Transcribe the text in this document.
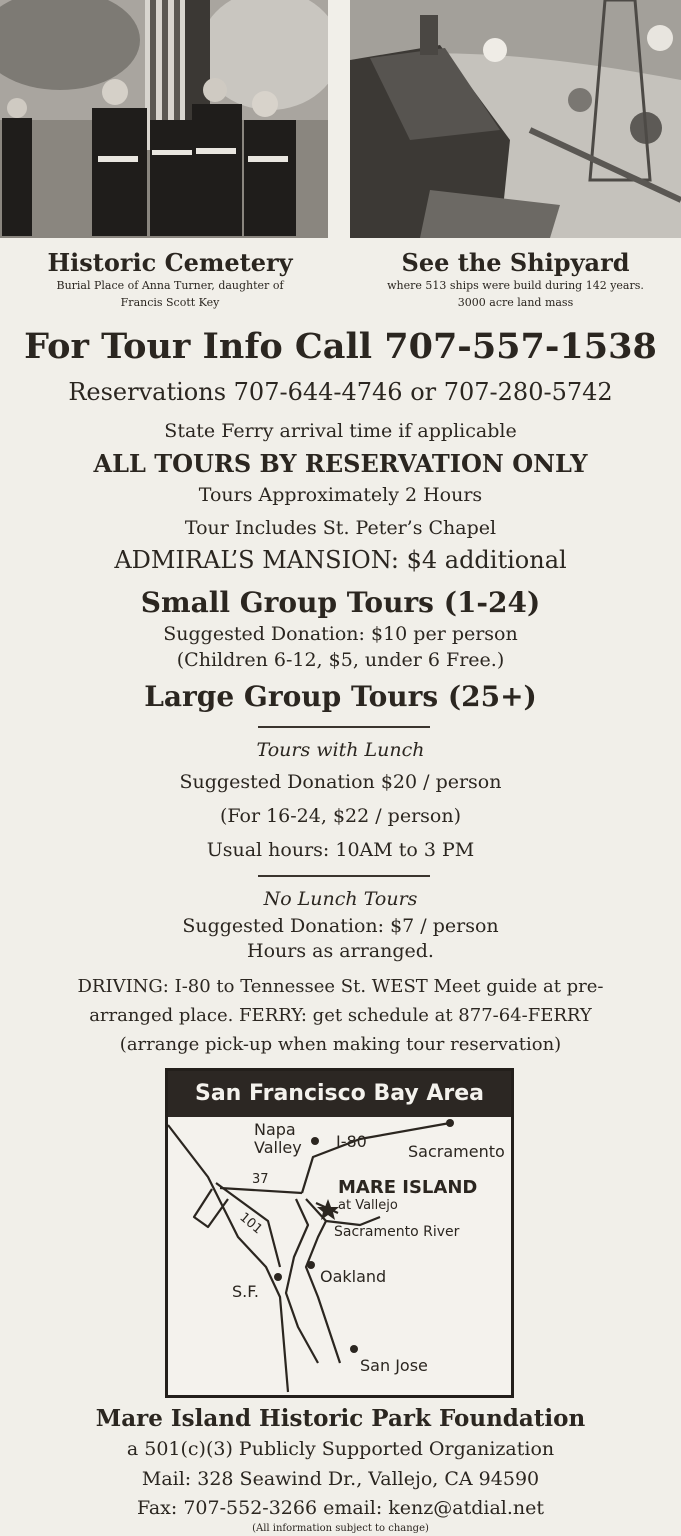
Historic Cemetery
Burial Place of Anna Turner, daughter of
Francis Scott Key
See the Shipyard
where 513 ships were build during 142 years.
3000 acre land mass
For Tour Info Call 707-557-1538
Reservations 707-644-4746 or 707-280-5742
State Ferry arrival time if applicable
ALL TOURS BY RESERVATION ONLY
Tours Approximately 2 Hours
Tour Includes St. Peter’s Chapel
ADMIRAL’S MANSION: $4 additional
Small Group Tours (1-24)
Suggested Donation: $10 per person
(Children 6-12, $5, under 6 Free.)
Large Group Tours (25+)
Tours with Lunch
Suggested Donation $20 / person
(For 16-24, $22 / person)
Usual hours: 10AM to 3 PM
No Lunch Tours
Suggested Donation: $7 / person
Hours as arranged.
DRIVING: I-80 to Tennessee St. WEST Meet guide at pre-
arranged place. FERRY: get schedule at 877-64-FERRY
(arrange pick-up when making tour reservation)
San Francisco Bay Area
Napa
Valley I-80
Sacramento
37	MARE ISLAND
at Vallejo
101	Sacramento River
S.F.
Oakland
San Jose
Mare Island Historic Park Foundation
a 501(c)(3) Publicly Supported Organization
Mail: 328 Seawind Dr., Vallejo, CA 94590
Fax: 707-552-3266 email: kenz@atdial.net
(All information subject to change)
